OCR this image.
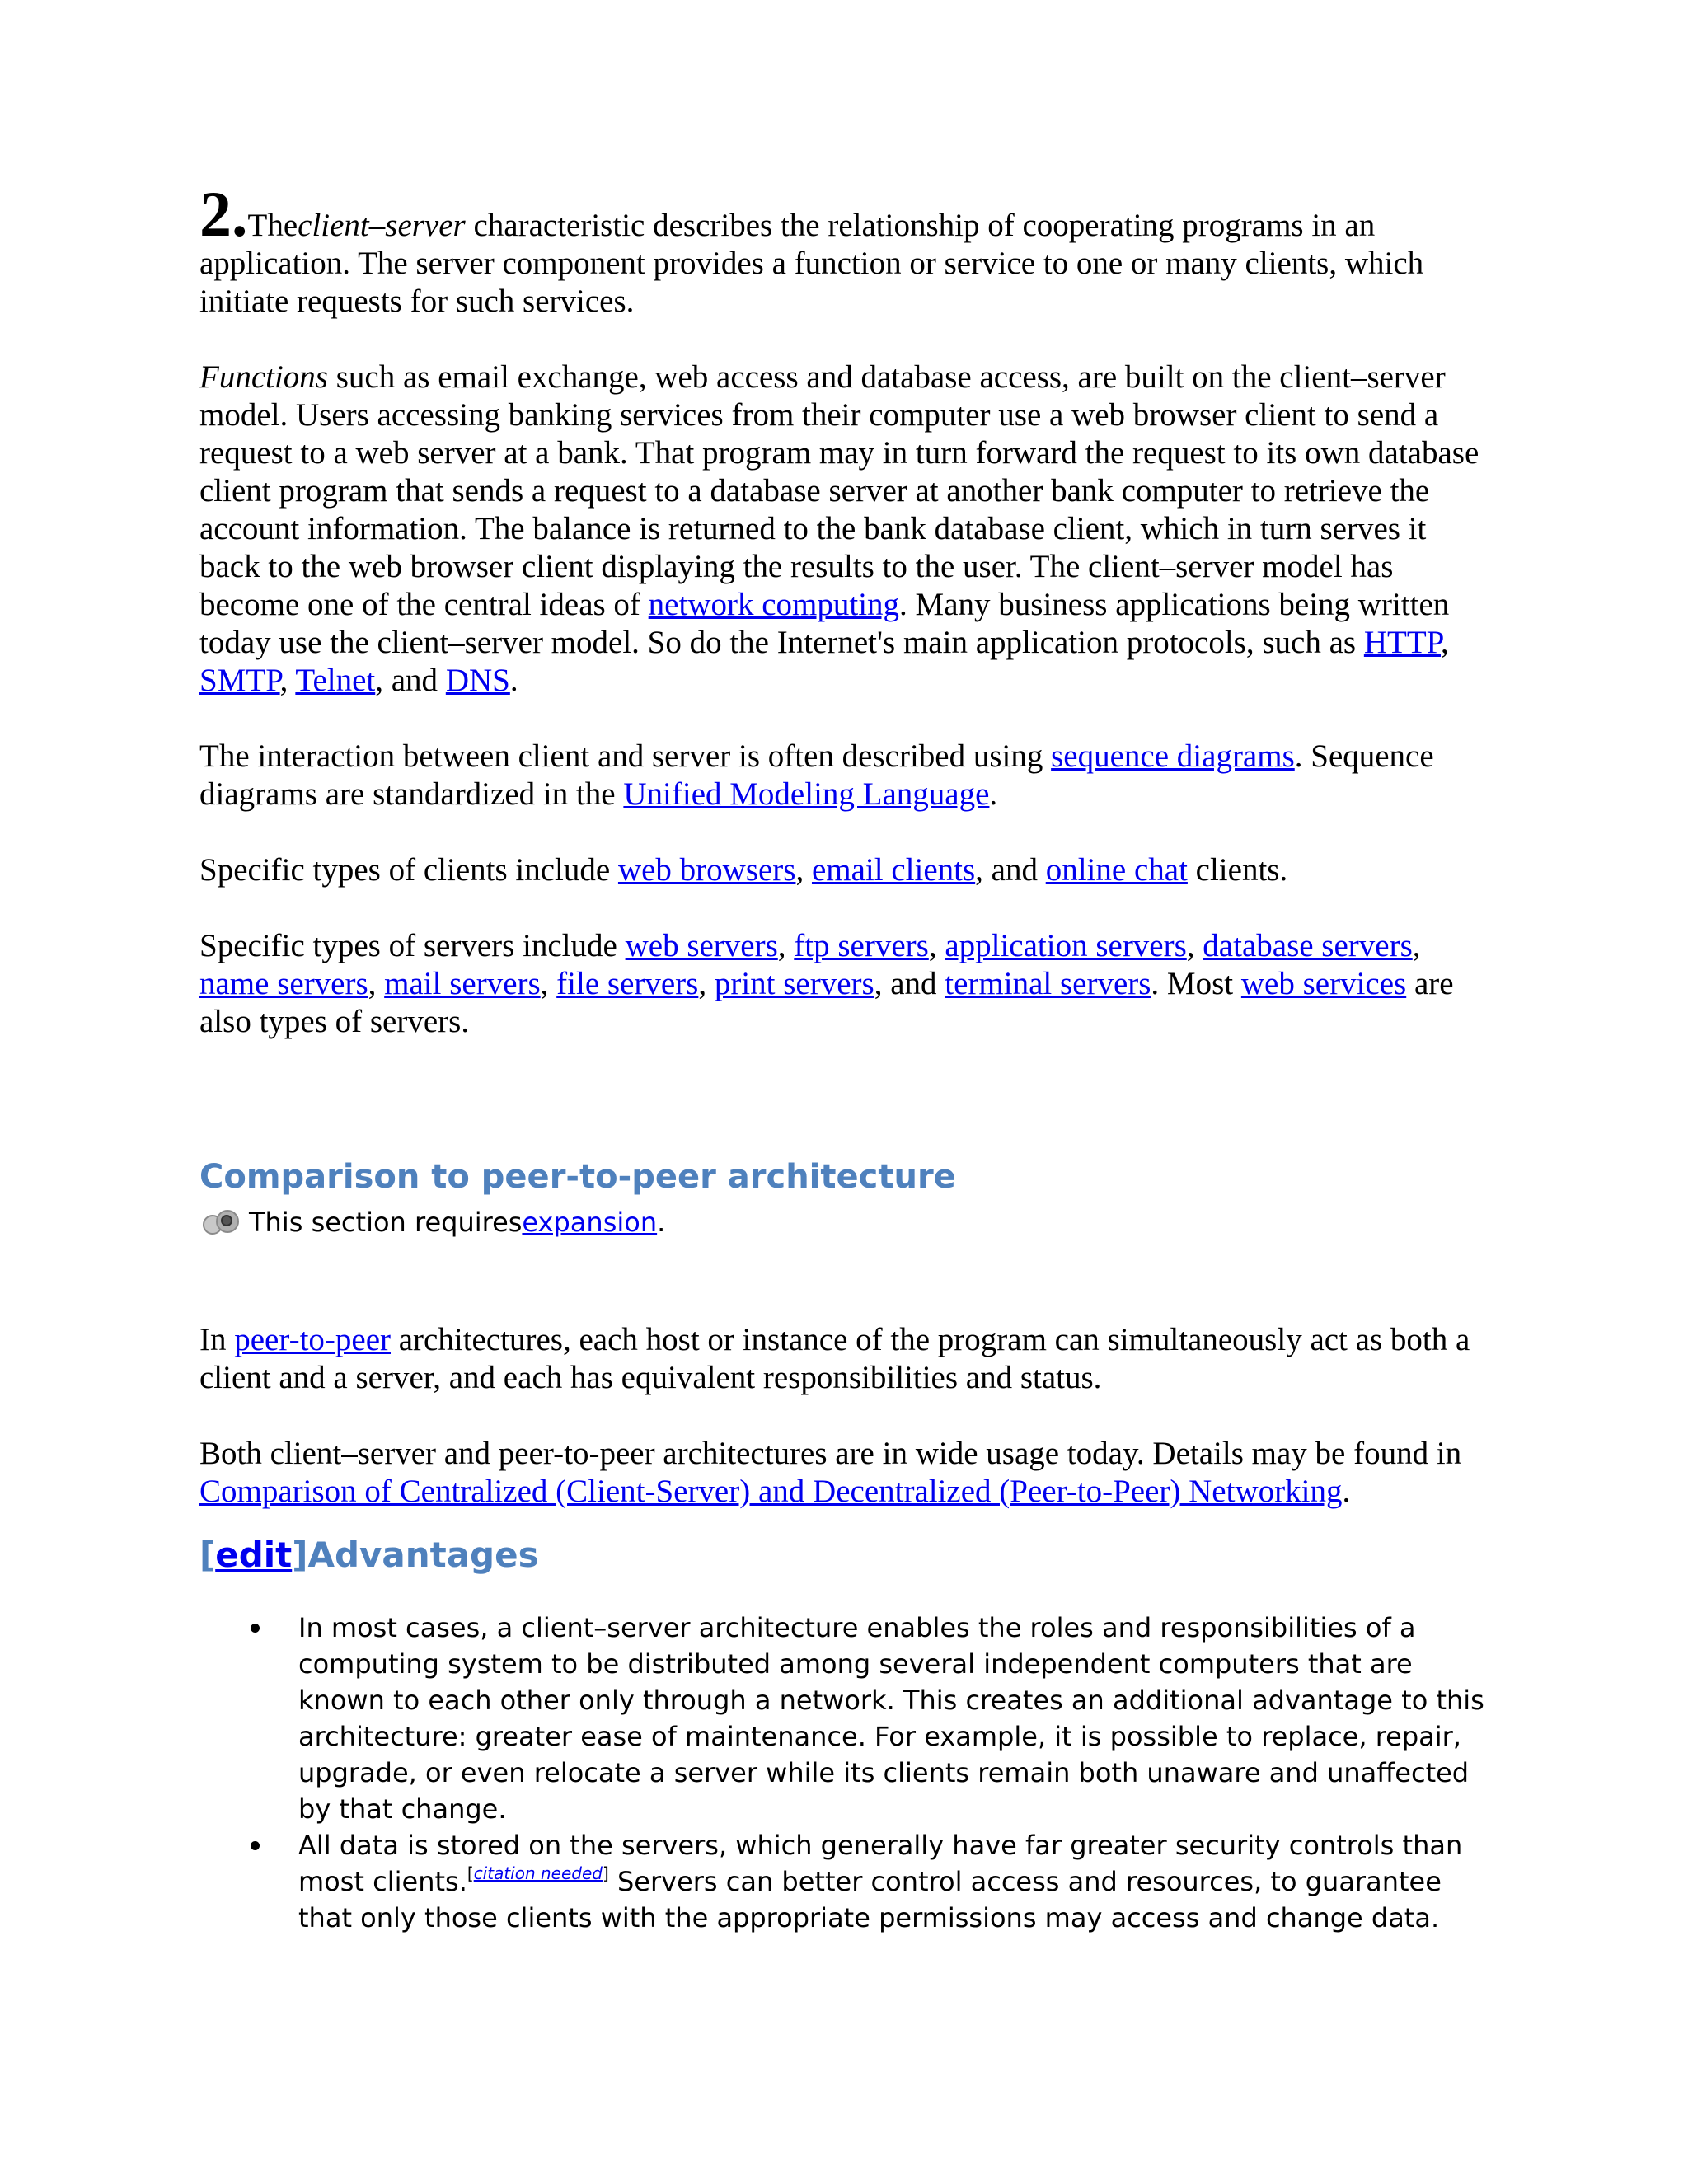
2.Theclient–server characteristic describes the relationship of cooperating programs in an application. The server component provides a function or service to one or many clients, which initiate requests for such services.

Functions such as email exchange, web access and database access, are built on the client–server model. Users accessing banking services from their computer use a web browser client to send a request to a web server at a bank. That program may in turn forward the request to its own database client program that sends a request to a database server at another bank computer to retrieve the account information. The balance is returned to the bank database client, which in turn serves it back to the web browser client displaying the results to the user. The client–server model has become one of the central ideas of network computing. Many business applications being written today use the client–server model. So do the Internet's main application protocols, such as HTTP, SMTP, Telnet, and DNS.

The interaction between client and server is often described using sequence diagrams. Sequence diagrams are standardized in the Unified Modeling Language.

Specific types of clients include web browsers, email clients, and online chat clients.

Specific types of servers include web servers, ftp servers, application servers, database servers, name servers, mail servers, file servers, print servers, and terminal servers. Most web services are also types of servers.

Comparison to peer-to-peer architecture
This section requires expansion .

In peer-to-peer architectures, each host or instance of the program can simultaneously act as both a client and a server, and each has equivalent responsibilities and status.

Both client–server and peer-to-peer architectures are in wide usage today. Details may be found in Comparison of Centralized (Client-Server) and Decentralized (Peer-to-Peer) Networking.

[edit]Advantages
In most cases, a client–server architecture enables the roles and responsibilities of a computing system to be distributed among several independent computers that are known to each other only through a network. This creates an additional advantage to this architecture: greater ease of maintenance. For example, it is possible to replace, repair, upgrade, or even relocate a server while its clients remain both unaware and unaffected by that change.
All data is stored on the servers, which generally have far greater security controls than most clients.[citation needed] Servers can better control access and resources, to guarantee that only those clients with the appropriate permissions may access and change data.
